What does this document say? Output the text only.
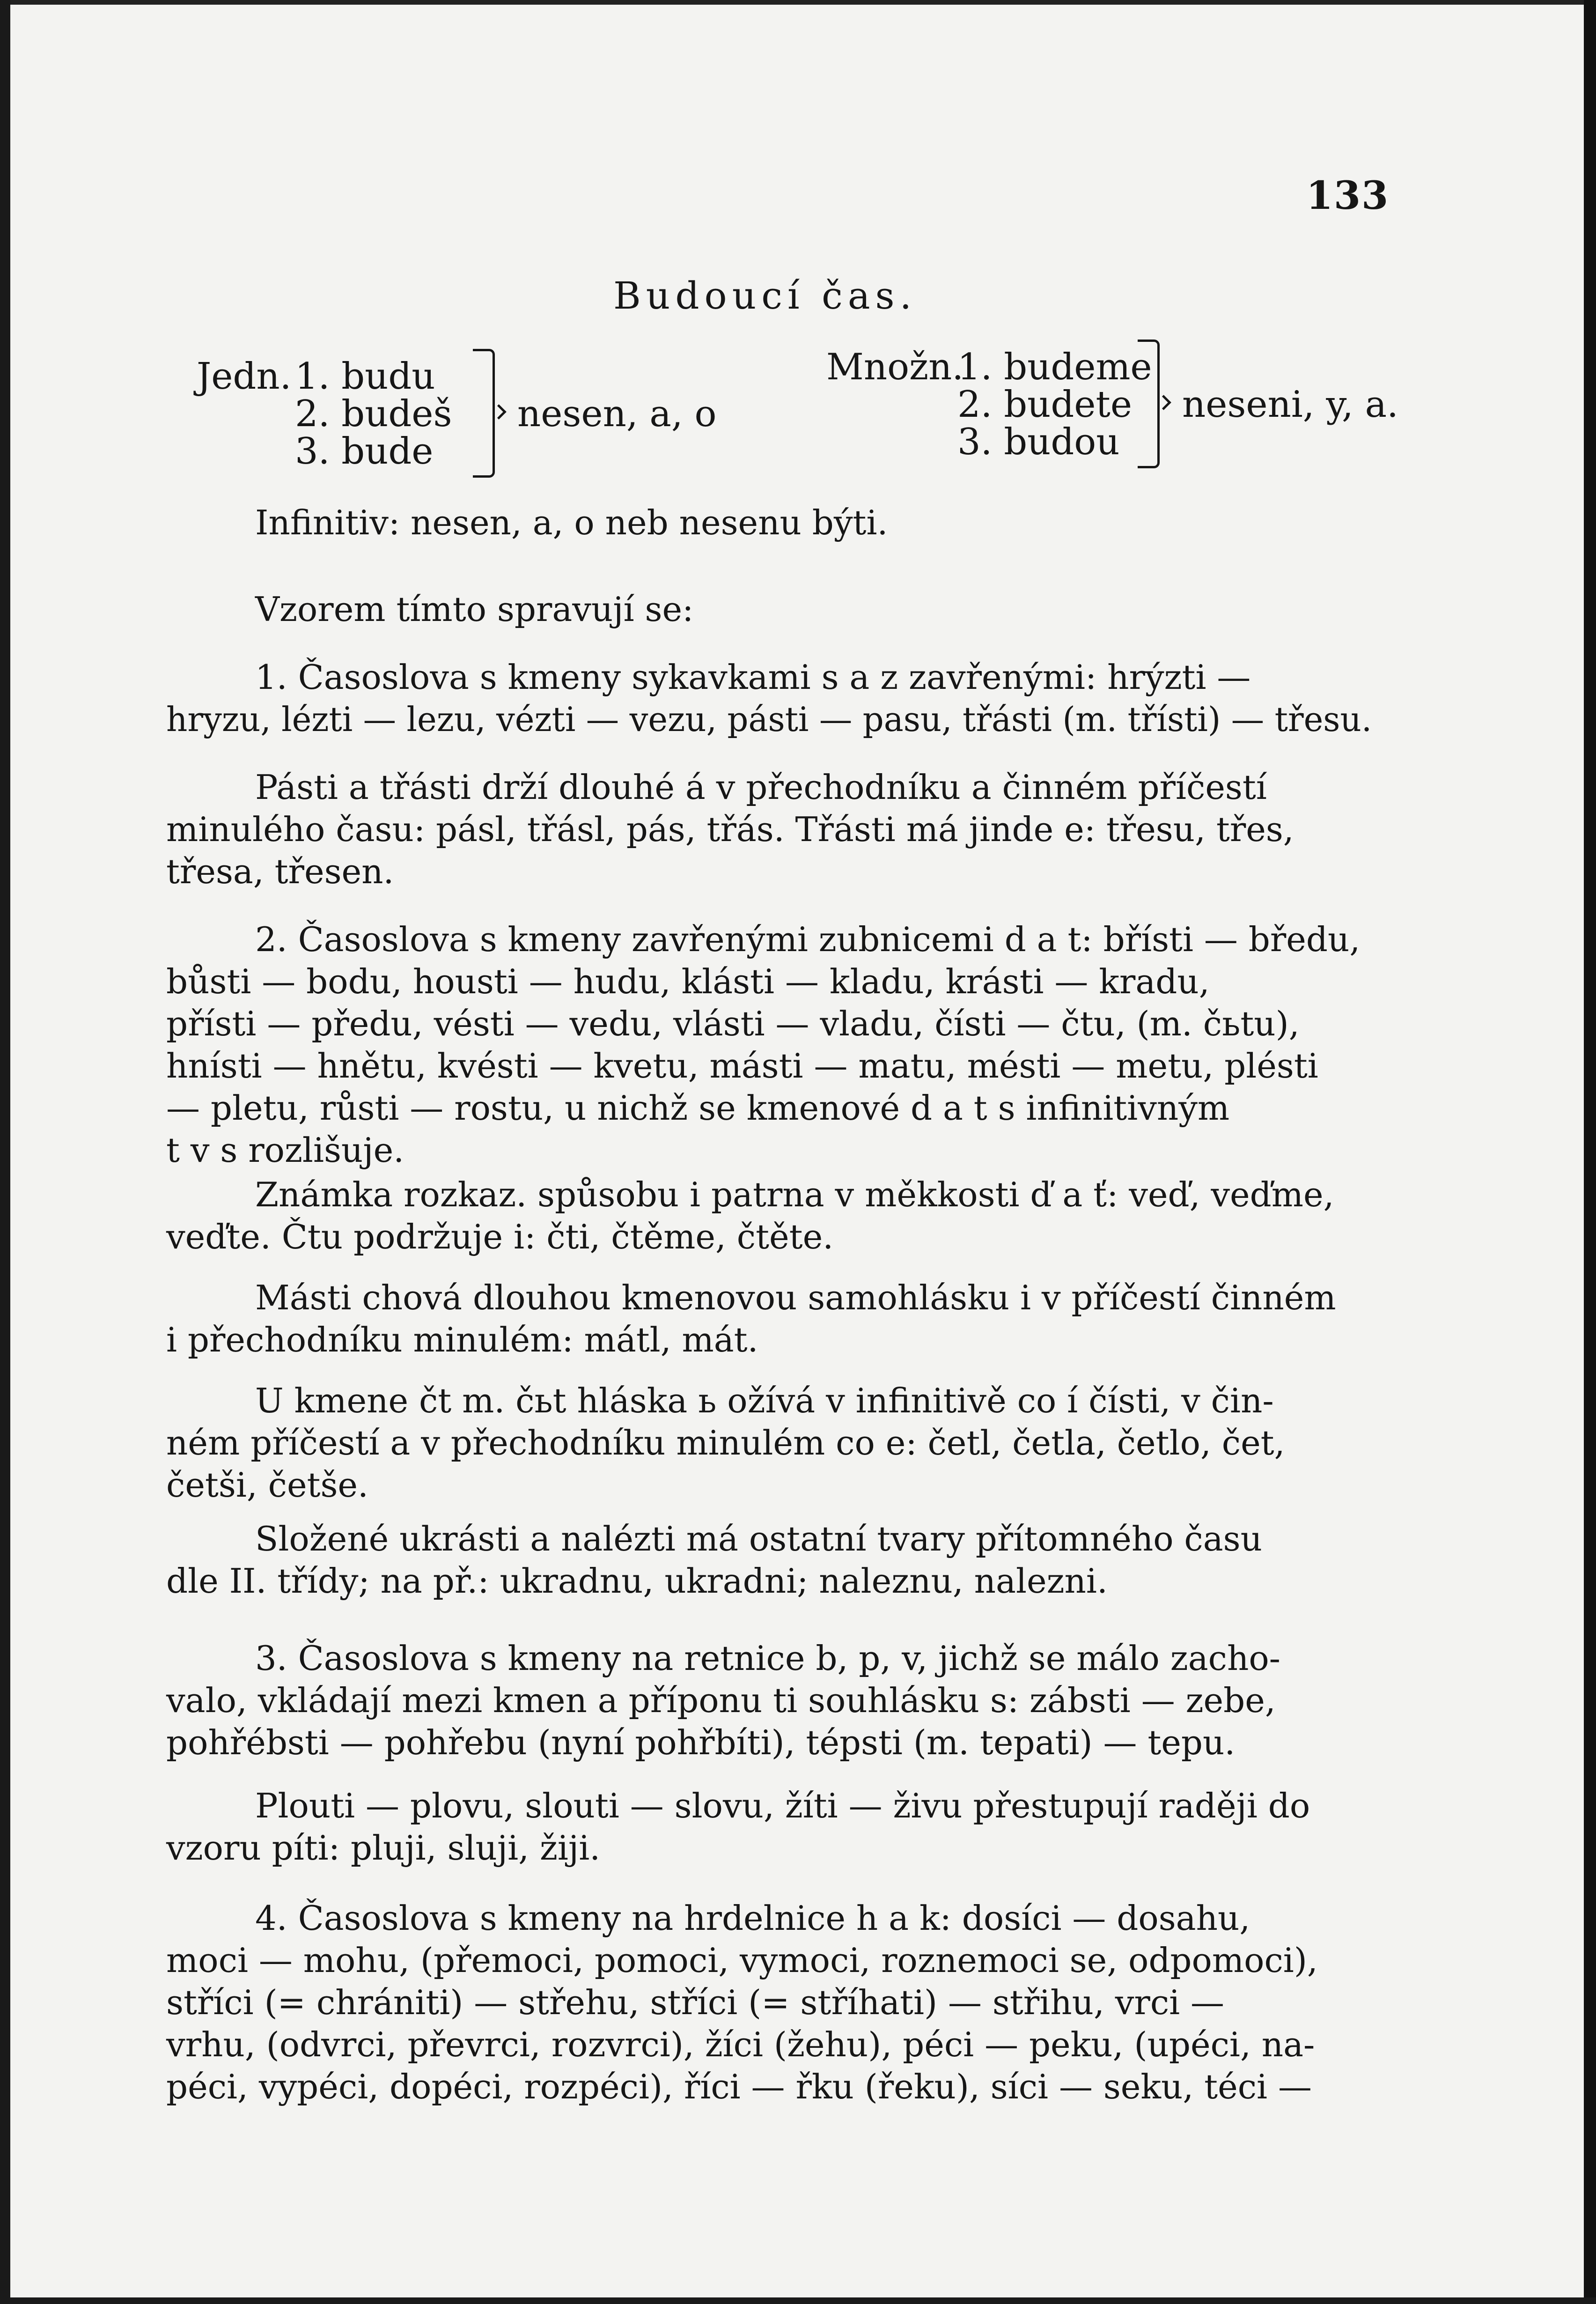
133
Budoucí čas.
Jedn. 1. budu
2. budeš
3. bude
nesen, a, o
Množn.
1. budeme
2. budete
3. budou
neseni, y, a.
Infinitiv: nesen, a, o neb nesenu býti.
Vzorem tímto spravují se:
1. Časoslova s kmeny sykavkami s a z zavřenými: hrýzti —
hryzu, lézti — lezu, vézti — vezu, pásti — pasu, třásti (m. třísti) — třesu.
Pásti a třásti drží dlouhé á v přechodníku a činném příčestí
minulého času: pásl, třásl, pás, třás. Třásti má jinde e: třesu, třes,
třesa, třesen.
2. Časoslova s kmeny zavřenými zubnicemi d a t: břísti — bředu,
bůsti — bodu, housti — hudu, klásti — kladu, krásti — kradu,
přísti — předu, vésti — vedu, vlásti — vladu, čísti — čtu, (m. čьtu),
hnísti — hnětu, kvésti — kvetu, másti — matu, mésti — metu, plésti
— pletu, růsti — rostu, u nichž se kmenové d a t s infinitivným
t v s rozlišuje.
Známka rozkaz. spůsobu i patrna v měkkosti ď a ť: veď, veďme,
veďte. Čtu podržuje i: čti, čtěme, čtěte.
Másti chová dlouhou kmenovou samohlásku i v příčestí činném
i přechodníku minulém: mátl, mát.
U kmene čt m. čьt hláska ь ožívá v infinitivě co í čísti, v čin-
ném příčestí a v přechodníku minulém co e: četl, četla, četlo, čet,
četši, četše.
Složené ukrásti a nalézti má ostatní tvary přítomného času
dle II. třídy; na př.: ukradnu, ukradni; naleznu, nalezni.
3. Časoslova s kmeny na retnice b, p, v, jichž se málo zacho-
valo, vkládají mezi kmen a příponu ti souhlásku s: zábsti — zebe,
pohřébsti — pohřebu (nyní pohřbíti), tépsti (m. tepati) — tepu.
Plouti — plovu, slouti — slovu, žíti — živu přestupují raději do
vzoru píti: pluji, sluji, žiji.
4. Časoslova s kmeny na hrdelnice h a k: dosíci — dosahu,
moci — mohu, (přemoci, pomoci, vymoci, roznemoci se, odpomoci),
stříci (= chrániti) — střehu, stříci (= stříhati) — střihu, vrci —
vrhu, (odvrci, převrci, rozvrci), žíci (žehu), péci — peku, (upéci, na-
péci, vypéci, dopéci, rozpéci), říci — řku (řeku), síci — seku, téci —
